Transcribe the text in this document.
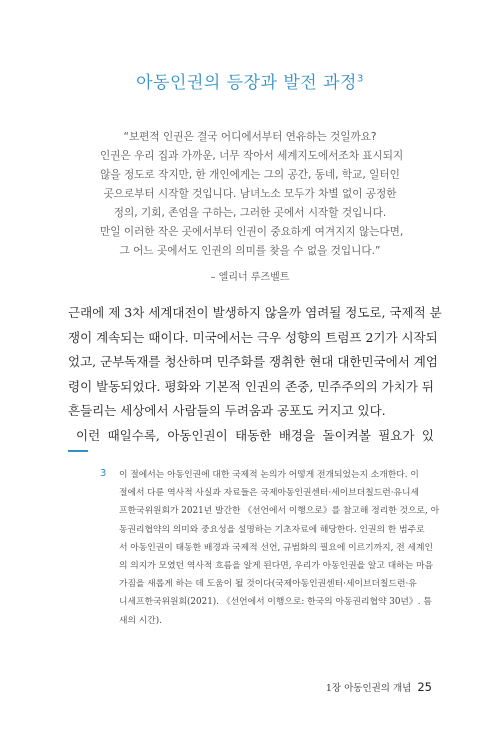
아동인권의 등장과 발전 과정$^3$
“보편적 인권은 결국 어디에서부터 연유하는 것일까요?
인권은 우리 집과 가까운, 너무 작아서 세계지도에서조차 표시되지
않을 정도로 작지만, 한 개인에게는 그의 공간, 동네, 학교, 일터인
곳으로부터 시작할 것입니다. 남녀노소 모두가 차별 없이 공정한
정의, 기회, 존엄을 구하는, 그러한 곳에서 시작할 것입니다.
만일 이러한 작은 곳에서부터 인권이 중요하게 여겨지지 않는다면,
그 어느 곳에서도 인권의 의미를 찾을 수 없을 것입니다.”
– 엘리너 루즈벨트
근래에 제 3차 세계대전이 발생하지 않을까 염려될 정도로, 국제적 분
쟁이 계속되는 때이다. 미국에서는 극우 성향의 트럼프 2기가 시작되
었고, 군부독재를 청산하며 민주화를 쟁취한 현대 대한민국에서 계엄
령이 발동되었다. 평화와 기본적 인권의 존중, 민주주의의 가치가 뒤
흔들리는 세상에서 사람들의 두려움과 공포도 커지고 있다.
이런 때일수록, 아동인권이 태동한 배경을 돌이켜볼 필요가 있
3 이 절에서는 아동인권에 대한 국제적 논의가 어떻게 전개되었는지 소개한다. 이
절에서 다룬 역사적 사실과 자료들은 국제아동인권센터·세이브더칠드런·유니세
프한국위원회가 2021년 발간한 《선언에서 이행으로》를 참고해 정리한 것으로, 아
동권리협약의 의미와 중요성을 설명하는 기초자료에 해당한다. 인권의 한 범주로
서 아동인권이 태동한 배경과 국제적 선언, 규범화의 필요에 이르기까지, 전 세계인
의 의지가 모였던 역사적 흐름을 알게 된다면, 우리가 아동인권을 알고 대하는 마음
가짐을 새롭게 하는 데 도움이 될 것이다(국제아동인권센터·세이브더칠드런·유
니세프한국위원회(2021). 《선언에서 이행으로: 한국의 아동권리협약 30년》. 틈
새의 시간).
1장 아동인권의 개념 25
